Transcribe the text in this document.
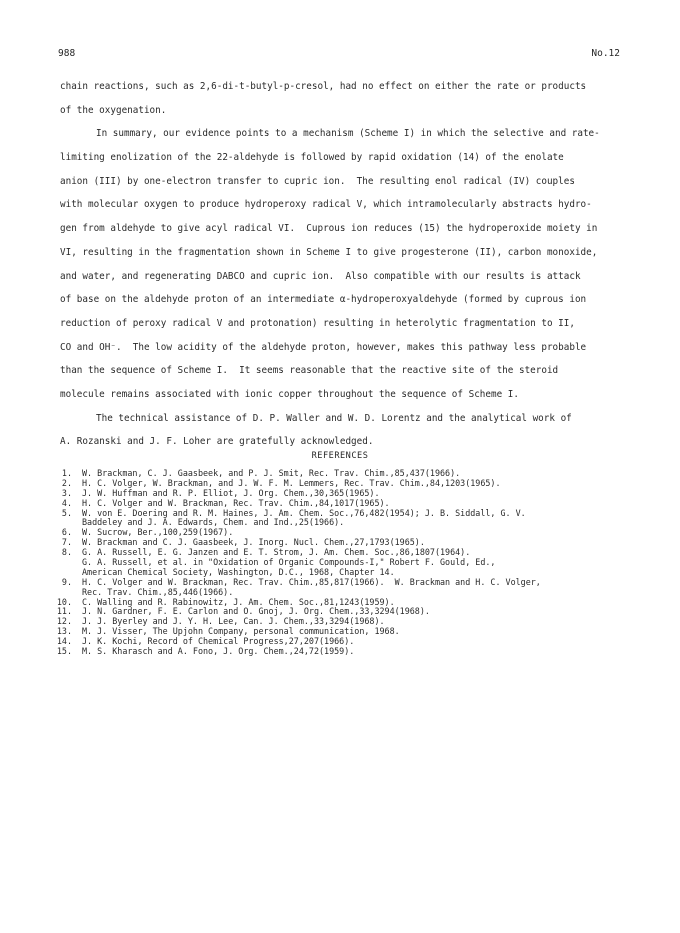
988	No.12
chain reactions, such as 2,6-di-t-butyl-p-cresol, had no effect on either the rate or products
of the oxygenation.
In summary, our evidence points to a mechanism (Scheme I) in which the selective and rate-
limiting enolization of the 22-aldehyde is followed by rapid oxidation (14) of the enolate
anion (III) by one-electron transfer to cupric ion.  The resulting enol radical (IV) couples
with molecular oxygen to produce hydroperoxy radical V, which intramolecularly abstracts hydro-
gen from aldehyde to give acyl radical VI.  Cuprous ion reduces (15) the hydroperoxide moiety in
VI, resulting in the fragmentation shown in Scheme I to give progesterone (II), carbon monoxide,
and water, and regenerating DABCO and cupric ion.  Also compatible with our results is attack
of base on the aldehyde proton of an intermediate α-hydroperoxyaldehyde (formed by cuprous ion
reduction of peroxy radical V and protonation) resulting in heterolytic fragmentation to II,
CO and OH⁻.  The low acidity of the aldehyde proton, however, makes this pathway less probable
than the sequence of Scheme I.  It seems reasonable that the reactive site of the steroid
molecule remains associated with ionic copper throughout the sequence of Scheme I.
The technical assistance of D. P. Waller and W. D. Lorentz and the analytical work of
A. Rozanski and J. F. Loher are gratefully acknowledged.
REFERENCES
1. W. Brackman, C. J. Gaasbeek, and P. J. Smit, Rec. Trav. Chim.,85,437(1966).
2. H. C. Volger, W. Brackman, and J. W. F. M. Lemmers, Rec. Trav. Chim.,84,1203(1965).
3. J. W. Huffman and R. P. Elliot, J. Org. Chem.,30,365(1965).
4. H. C. Volger and W. Brackman, Rec. Trav. Chim.,84,1017(1965).
5. W. von E. Doering and R. M. Haines, J. Am. Chem. Soc.,76,482(1954); J. B. Siddall, G. V.
Baddeley and J. A. Edwards, Chem. and Ind.,25(1966).
6. W. Sucrow, Ber.,100,259(1967).
7. W. Brackman and C. J. Gaasbeek, J. Inorg. Nucl. Chem.,27,1793(1965).
8. G. A. Russell, E. G. Janzen and E. T. Strom, J. Am. Chem. Soc.,86,1807(1964).
G. A. Russell, et al. in "Oxidation of Organic Compounds-I," Robert F. Gould, Ed.,
American Chemical Society, Washington, D.C., 1968, Chapter 14.
9. H. C. Volger and W. Brackman, Rec. Trav. Chim.,85,817(1966).  W. Brackman and H. C. Volger,
Rec. Trav. Chim.,85,446(1966).
10. C. Walling and R. Rabinowitz, J. Am. Chem. Soc.,81,1243(1959).
11. J. N. Gardner, F. E. Carlon and O. Gnoj, J. Org. Chem.,33,3294(1968).
12. J. J. Byerley and J. Y. H. Lee, Can. J. Chem.,33,3294(1968).
13. M. J. Visser, The Upjohn Company, personal communication, 1968.
14. J. K. Kochi, Record of Chemical Progress,27,207(1966).
15. M. S. Kharasch and A. Fono, J. Org. Chem.,24,72(1959).
